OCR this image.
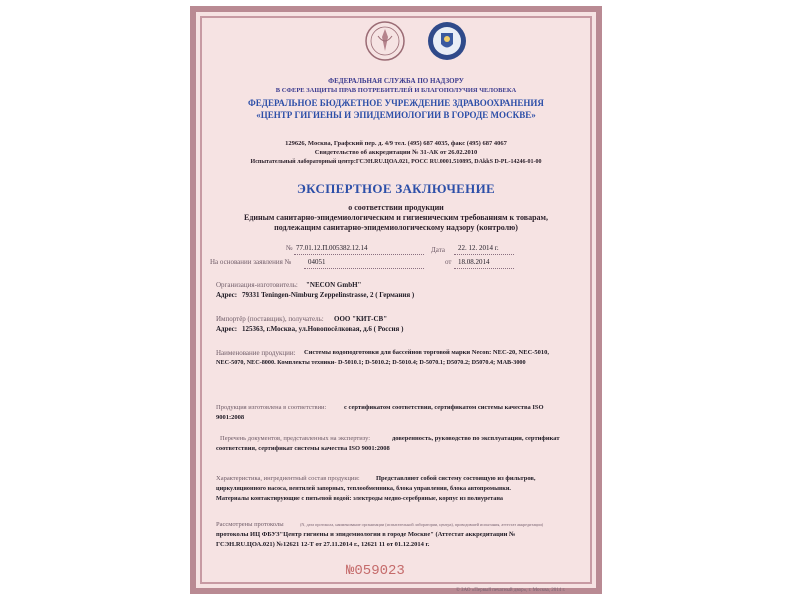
ФЕДЕРАЛЬНАЯ СЛУЖБА ПО НАДЗОРУ
В СФЕРЕ ЗАЩИТЫ ПРАВ ПОТРЕБИТЕЛЕЙ И БЛАГОПОЛУЧИЯ ЧЕЛОВЕКА
ФЕДЕРАЛЬНОЕ БЮДЖЕТНОЕ УЧРЕЖДЕНИЕ ЗДРАВООХРАНЕНИЯ
«ЦЕНТР ГИГИЕНЫ И ЭПИДЕМИОЛОГИИ В ГОРОДЕ МОСКВЕ»
129626, Москва, Графский пер. д. 4/9 тел. (495) 687 4035, факс (495) 687 4067
Свидетельство об аккредитации № 31-АК от 26.02.2010
Испытательный лабораторный центр:ГСЭН.RU.ЦОА.021, РОСС RU.0001.510895, DAkkS D-PL-14246-01-00
ЭКСПЕРТНОЕ ЗАКЛЮЧЕНИЕ
о соответствии продукции
Единым санитарно-эпидемиологическим и гигиеническим требованиям к товарам,
подлежащим санитарно-эпидемиологическому надзору (контролю)
№ 77.01.12.П.005382.12.14	Дата 22. 12. 2014 г.
На основании заявления № 04051	от 18.08.2014
Организация-изготовитель: "NECON GmbH"
Адрес: 79331 Teningen-Nimburg Zeppelinstrasse, 2 ( Германия )
Импортёр (поставщик), получатель: ООО "КИТ-СВ"
Адрес: 125363, г.Москва, ул.Новопосёлковая, д.6 ( Россия )
Наименование продукции: Системы водоподготовки для бассейнов торговой марки Necon: NEC-20, NEC-5010,
NEC-5070, NEC-8000. Комплекты техники- D-5010.1; D-5010.2; D-5010.4; D-5070.1; D5070.2; D5070.4; MAB-3000
Продукция изготовлена в соответствии:	с сертификатом соответствия, сертификатом системы качества ISO
9001:2008
Перечень документов, представленных на экспертизу:	доверенность, руководство по эксплуатации, сертификат
соответствия, сертификат системы качества ISO 9001:2008
Характеристика, ингредиентный состав продукции:	Представляют собой систему состоящую из фильтров,
циркуляционного насоса, вентилей запорных, теплообменника, блока управления, блока автопромывки.
Материалы контактирующие с питьевой водой: электроды медно-серебряные, корпус из полиуретана
Рассмотрены протоколы	(N, дата протокола, наименование организации (испытательной лаборатории, центра), проводившей испытания, аттестат аккредитации)
протоколы ИЦ ФБУЗ"Центр гигиены и эпидемиологии в городе Москве" (Аттестат аккредитации №
ГСЭН.RU.ЦОА.021) №12621 12-Т от 27.11.2014 г., 12621 11 от 01.12.2014 г.
№059023
© ЗАО «Первый печатный двор», г. Москва, 2014 г.
